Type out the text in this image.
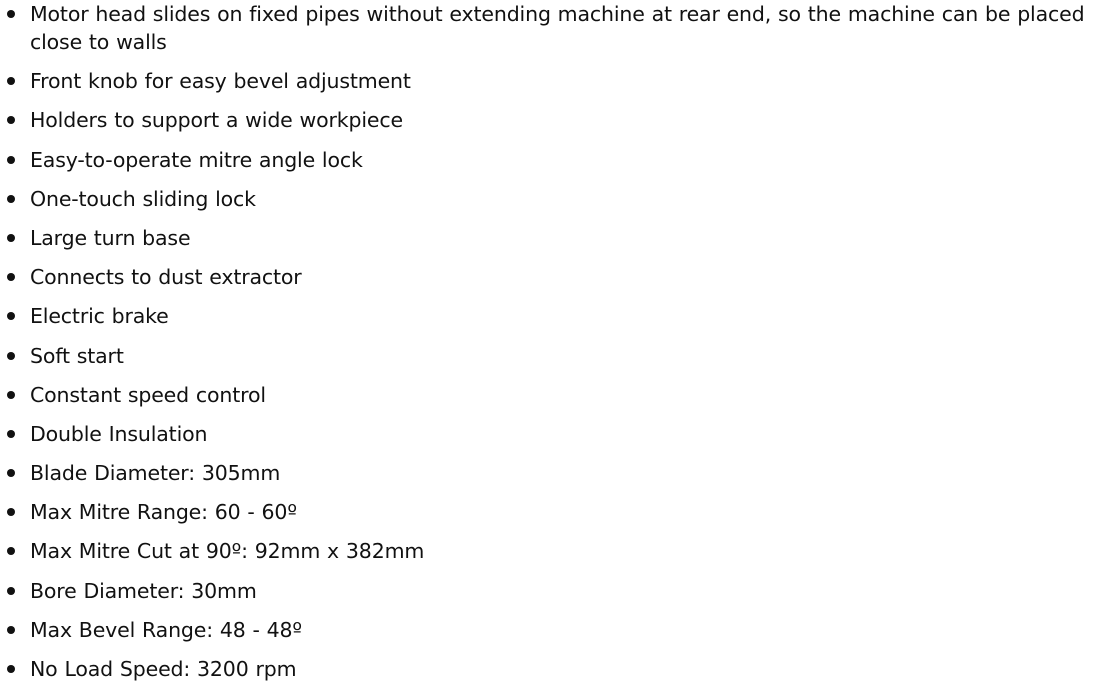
Motor head slides on fixed pipes without extending machine at rear end, so the machine can be placed close to walls
Front knob for easy bevel adjustment
Holders to support a wide workpiece
Easy-to-operate mitre angle lock
One-touch sliding lock
Large turn base
Connects to dust extractor
Electric brake
Soft start
Constant speed control
Double Insulation
Blade Diameter: 305mm
Max Mitre Range: 60 - 60º
Max Mitre Cut at 90º: 92mm x 382mm
Bore Diameter: 30mm
Max Bevel Range: 48 - 48º
No Load Speed: 3200 rpm
